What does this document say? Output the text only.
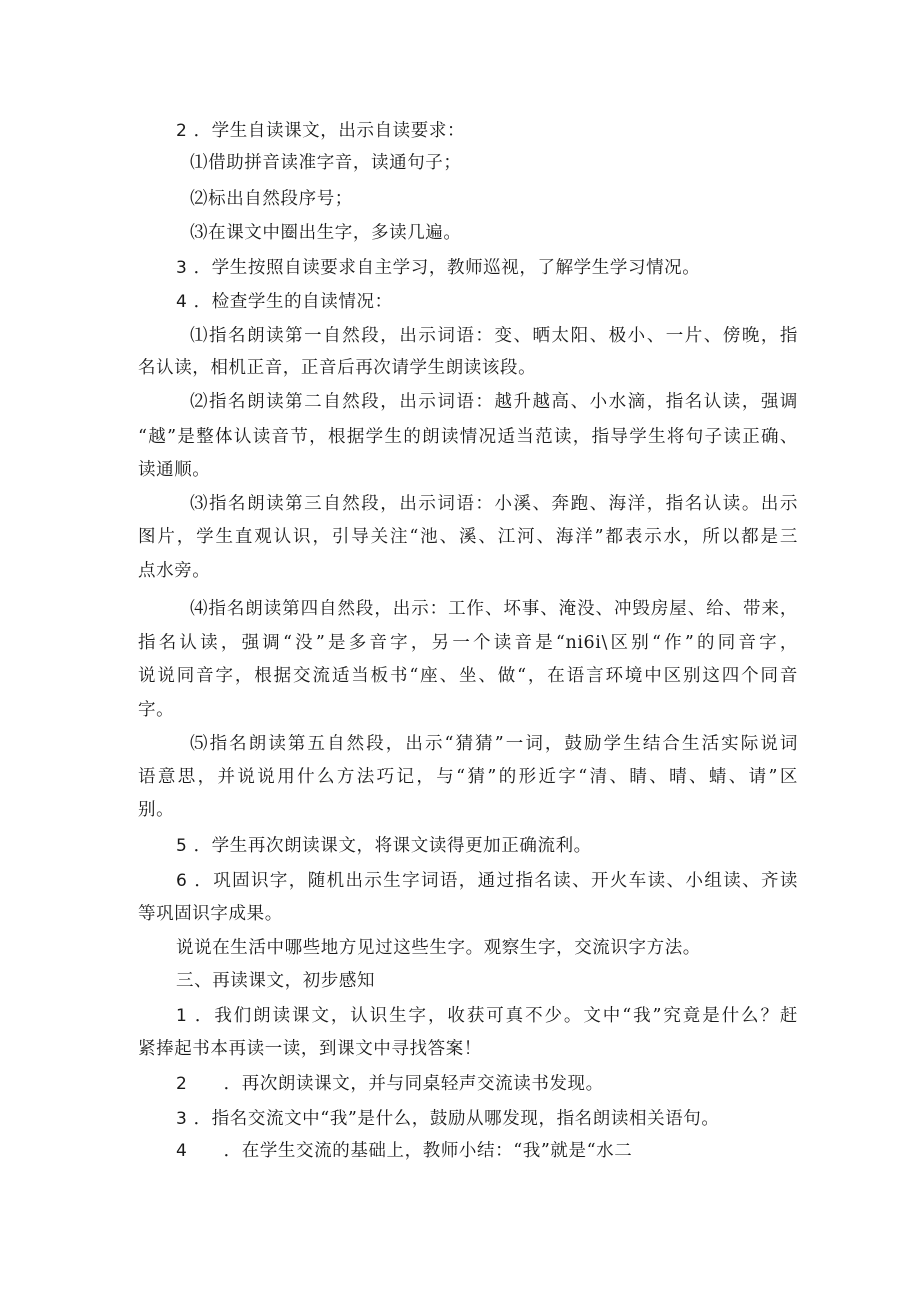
2 ．学生自读课文，出示自读要求：
⑴借助拼音读准字音，读通句子；
⑵标出自然段序号；
⑶在课文中圈出生字，多读几遍。
3 ．学生按照自读要求自主学习，教师巡视，了解学生学习情况。
4 ．检查学生的自读情况：
⑴指名朗读第一自然段，出示词语：变、晒太阳、极小、一片、傍晚，指
名认读，相机正音，正音后再次请学生朗读该段。
⑵指名朗读第二自然段，出示词语：越升越高、小水滴，指名认读，强调
“越”是整体认读音节，根据学生的朗读情况适当范读，指导学生将句子读正确、
读通顺。
⑶指名朗读第三自然段，出示词语：小溪、奔跑、海洋，指名认读。出示
图片，学生直观认识，引导关注“池、溪、江河、海洋”都表示水，所以都是三
点水旁。
⑷指名朗读第四自然段，出示：工作、坏事、淹没、冲毁房屋、给、带来，
指名认读，强调“没”是多音字，另一个读音是“ni6i\区别“作”的同音字，
说说同音字，根据交流适当板书“座、坐、做“，在语言环境中区别这四个同音
字。
⑸指名朗读第五自然段，出示“猜猜”一词，鼓励学生结合生活实际说词
语意思，并说说用什么方法巧记，与“猜”的形近字“清、睛、晴、蜻、请”区
别。
5 ．学生再次朗读课文，将课文读得更加正确流利。
6 ．巩固识字，随机出示生字词语，通过指名读、开火车读、小组读、齐读
等巩固识字成果。
说说在生活中哪些地方见过这些生字。观察生字，交流识字方法。
三、再读课文，初步感知
1 ．我们朗读课文，认识生字，收获可真不少。文中“我”究竟是什么？赶
紧捧起书本再读一读，到课文中寻找答案！
2　　．再次朗读课文，并与同桌轻声交流读书发现。
3 ．指名交流文中“我”是什么，鼓励从哪发现，指名朗读相关语句。
4　　．在学生交流的基础上，教师小结：“我”就是“水二
